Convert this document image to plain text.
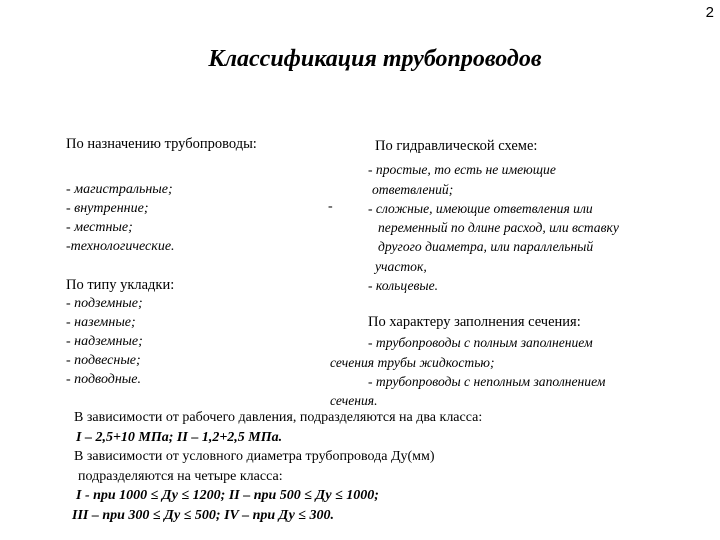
2
Классификация трубопроводов
По назначению трубопроводы:
- магистральные;
- внутренние;
- местные;
-технологические.
По типу укладки:
- подземные;
- наземные;
- надземные;
- подвесные;
- подводные.
По гидравлической схеме:
- простые, то есть не имеющие
ответвлений;
- сложные, имеющие ответвления или
переменный по длине расход, или вставку
другого диаметра, или параллельный
участок,
- кольцевые.
-
По характеру заполнения сечения:
- трубопроводы с полным заполнением
сечения трубы жидкостью;
- трубопроводы с неполным заполнением
сечения.
В зависимости от рабочего давления, подразделяются на два класса:
I – 2,5+10 МПа; II – 1,2+2,5 МПа.
В зависимости от условного диаметра трубопровода Ду(мм)
подразделяются на четыре класса:
I - при 1000 ≤ Ду ≤ 1200; II – при 500 ≤ Ду ≤ 1000;
III – при 300 ≤ Ду ≤ 500; IV – при Ду ≤ 300.
